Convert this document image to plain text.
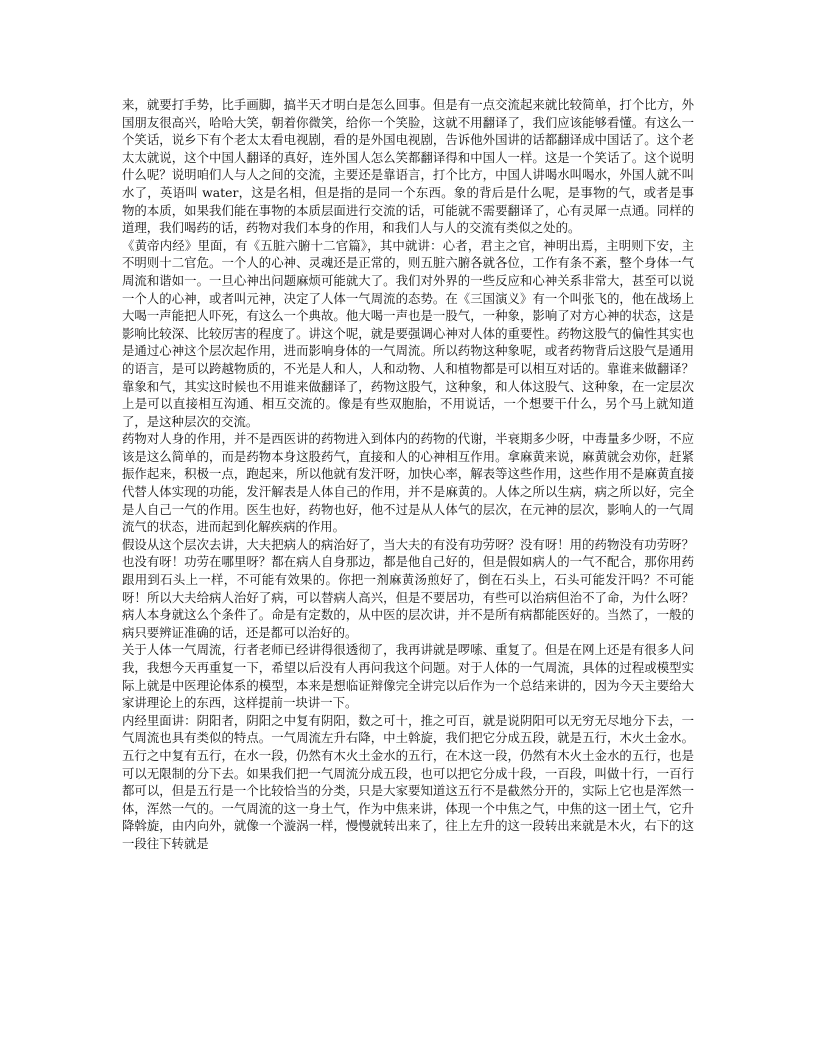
来，就要打手势，比手画脚，搞半天才明白是怎么回事。但是有一点交流起来就比较简单，打个比方，外国朋友很高兴，哈哈大笑，朝着你微笑，给你一个笑脸，这就不用翻译了，我们应该能够看懂。有这么一个笑话，说乡下有个老太太看电视剧，看的是外国电视剧，告诉他外国讲的话都翻译成中国话了。这个老太太就说，这个中国人翻译的真好，连外国人怎么笑都翻译得和中国人一样。这是一个笑话了。这个说明什么呢？说明咱们人与人之间的交流，主要还是靠语言，打个比方，中国人讲喝水叫喝水，外国人就不叫水了，英语叫 water，这是名相，但是指的是同一个东西。象的背后是什么呢，是事物的气，或者是事物的本质，如果我们能在事物的本质层面进行交流的话，可能就不需要翻译了，心有灵犀一点通。同样的道理，我们喝药的话，药物对我们本身的作用，和我们人与人的交流有类似之处的。

《黄帝内经》里面，有《五脏六腑十二官篇》，其中就讲：心者，君主之官，神明出焉，主明则下安，主不明则十二官危。一个人的心神、灵魂还是正常的，则五脏六腑各就各位，工作有条不紊，整个身体一气周流和谐如一。一旦心神出问题麻烦可能就大了。我们对外界的一些反应和心神关系非常大，甚至可以说一个人的心神，或者叫元神，决定了人体一气周流的态势。在《三国演义》有一个叫张飞的，他在战场上大喝一声能把人吓死，有这么一个典故。他大喝一声也是一股气，一种象，影响了对方心神的状态，这是影响比较深、比较厉害的程度了。讲这个呢，就是要强调心神对人体的重要性。药物这股气的偏性其实也是通过心神这个层次起作用，进而影响身体的一气周流。所以药物这种象呢，或者药物背后这股气是通用的语言，是可以跨越物质的，不光是人和人，人和动物、人和植物都是可以相互对话的。靠谁来做翻译？靠象和气，其实这时候也不用谁来做翻译了，药物这股气，这种象，和人体这股气、这种象，在一定层次上是可以直接相互沟通、相互交流的。像是有些双胞胎，不用说话，一个想要干什么，另个马上就知道了，是这种层次的交流。

药物对人身的作用，并不是西医讲的药物进入到体内的药物的代谢，半衰期多少呀，中毒量多少呀，不应该是这么简单的，而是药物本身这股药气，直接和人的心神相互作用。拿麻黄来说，麻黄就会劝你，赶紧振作起来，积极一点，跑起来，所以他就有发汗呀，加快心率，解表等这些作用，这些作用不是麻黄直接代替人体实现的功能，发汗解表是人体自己的作用，并不是麻黄的。人体之所以生病，病之所以好，完全是人自己一气的作用。医生也好，药物也好，他不过是从人体气的层次，在元神的层次，影响人的一气周流气的状态，进而起到化解疾病的作用。

假设从这个层次去讲，大夫把病人的病治好了，当大夫的有没有功劳呀？没有呀！用的药物没有功劳呀？也没有呀！功劳在哪里呀？都在病人自身那边，都是他自己好的，但是假如病人的一气不配合，那你用药跟用到石头上一样，不可能有效果的。你把一剂麻黄汤煎好了，倒在石头上，石头可能发汗吗？不可能呀！所以大夫给病人治好了病，可以替病人高兴，但是不要居功，有些可以治病但治不了命，为什么呀？病人本身就这么个条件了。命是有定数的，从中医的层次讲，并不是所有病都能医好的。当然了，一般的病只要辨证准确的话，还是都可以治好的。

关于人体一气周流，行者老师已经讲得很透彻了，我再讲就是啰嗦、重复了。但是在网上还是有很多人问我，我想今天再重复一下，希望以后没有人再问我这个问题。对于人体的一气周流，具体的过程或模型实际上就是中医理论体系的模型，本来是想临证辩像完全讲完以后作为一个总结来讲的，因为今天主要给大家讲理论上的东西，这样提前一块讲一下。

内经里面讲：阴阳者，阴阳之中复有阴阳，数之可十，推之可百，就是说阴阳可以无穷无尽地分下去，一气周流也具有类似的特点。一气周流左升右降，中土斡旋，我们把它分成五段，就是五行，木火土金水。五行之中复有五行，在水一段，仍然有木火土金水的五行，在木这一段，仍然有木火土金水的五行，也是可以无限制的分下去。如果我们把一气周流分成五段，也可以把它分成十段，一百段，叫做十行，一百行都可以，但是五行是一个比较恰当的分类，只是大家要知道这五行不是截然分开的，实际上它也是浑然一体，浑然一气的。一气周流的这一身土气，作为中焦来讲，体现一个中焦之气，中焦的这一团土气，它升降斡旋，由内向外，就像一个漩涡一样，慢慢就转出来了，往上左升的这一段转出来就是木火，右下的这一段往下转就是
